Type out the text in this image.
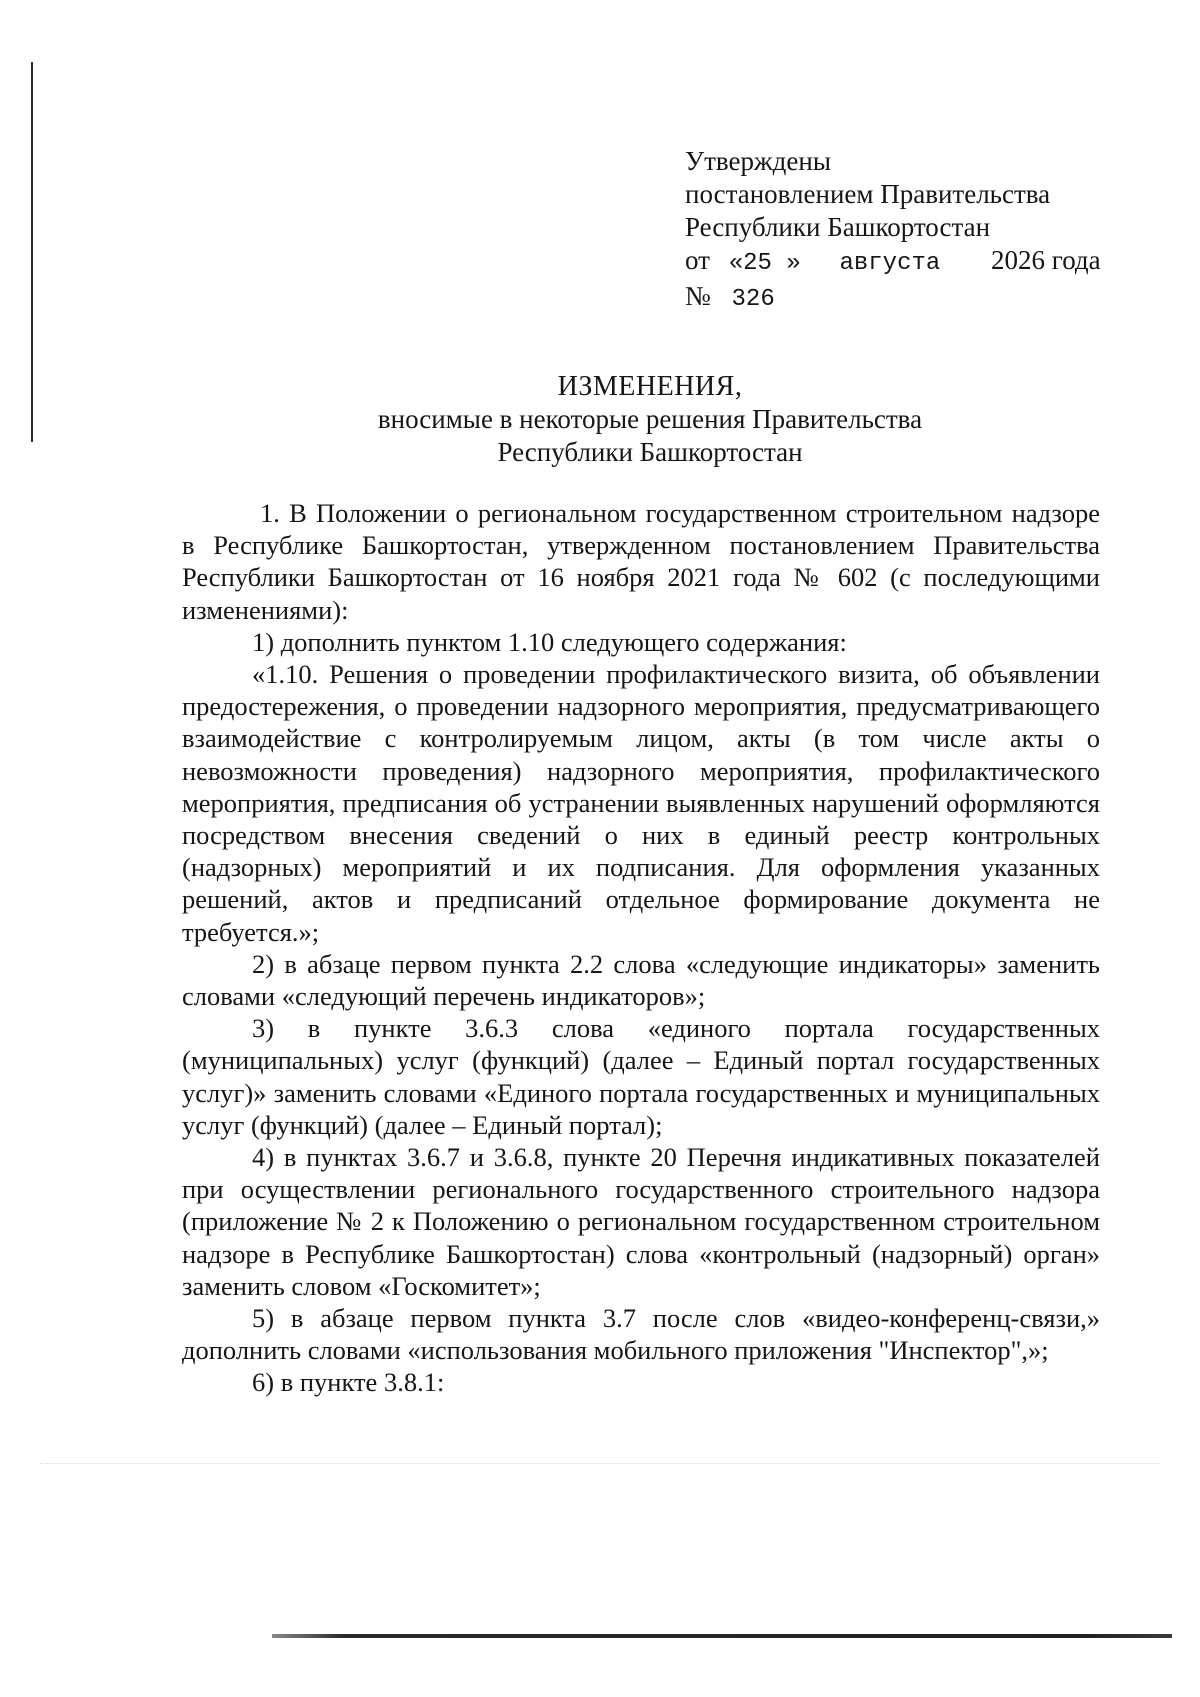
Утверждены
постановлением Правительства
Республики Башкортостан
от «25 » августа 2026 года
№ 326
ИЗМЕНЕНИЯ,
вносимые в некоторые решения Правительства
Республики Башкортостан

1. В Положении о региональном государственном строительном надзоре в Республике Башкортостан, утвержденном постановлением Правительства Республики Башкортостан от 16 ноября 2021 года № 602 (с последующими изменениями):

1) дополнить пунктом 1.10 следующего содержания:

«1.10. Решения о проведении профилактического визита, об объявлении предостережения, о проведении надзорного мероприятия, предусматривающего взаимодействие с контролируемым лицом, акты (в том числе акты о невозможности проведения) надзорного мероприятия, профилактического мероприятия, предписания об устранении выявленных нарушений оформляются посредством внесения сведений о них в единый реестр контрольных (надзорных) мероприятий и их подписания. Для оформления указанных решений, актов и предписаний отдельное формирование документа не требуется.»;

2) в абзаце первом пункта 2.2 слова «следующие индикаторы» заменить словами «следующий перечень индикаторов»;

3) в пункте 3.6.3 слова «единого портала государственных (муниципальных) услуг (функций) (далее – Единый портал государственных услуг)» заменить словами «Единого портала государственных и муниципальных услуг (функций) (далее – Единый портал);

4) в пунктах 3.6.7 и 3.6.8, пункте 20 Перечня индикативных показателей при осуществлении регионального государственного строительного надзора (приложение № 2 к Положению о региональном государственном строительном надзоре в Республике Башкортостан) слова «контрольный (надзорный) орган» заменить словом «Госкомитет»;

5) в абзаце первом пункта 3.7 после слов «видео-конференц-связи,» дополнить словами «использования мобильного приложения "Инспектор",»;

6) в пункте 3.8.1:
